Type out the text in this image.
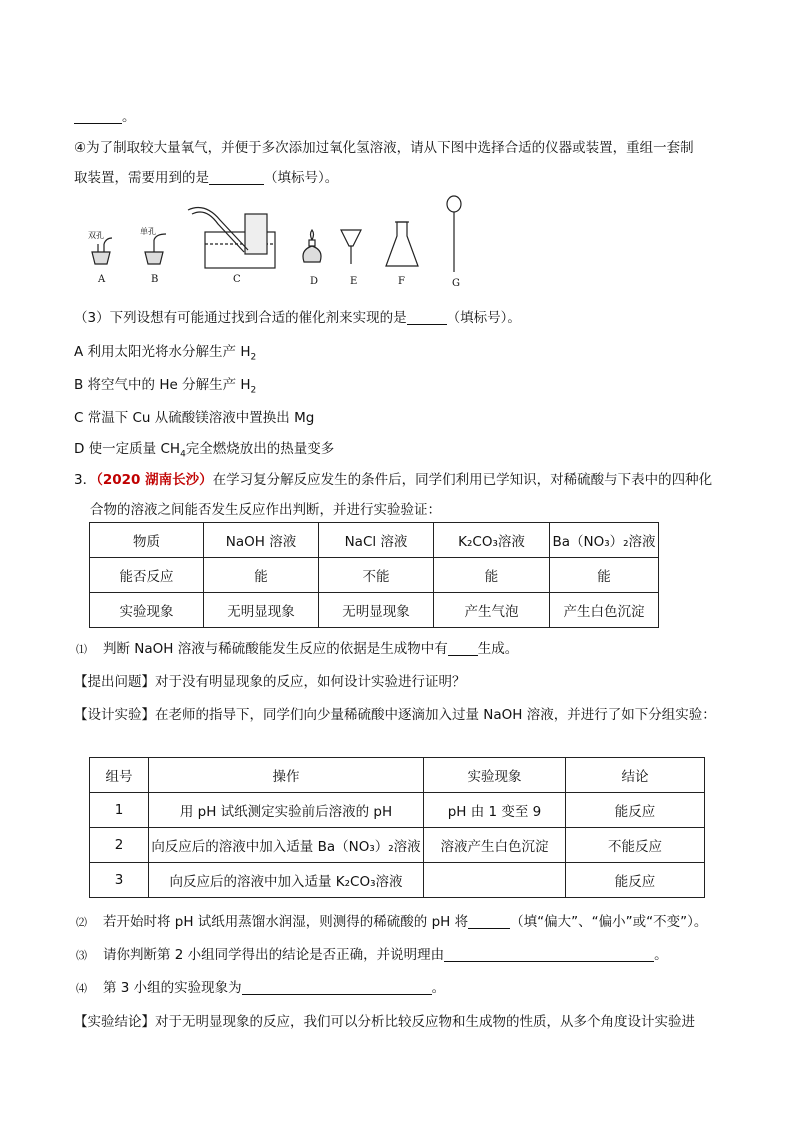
。
④为了制取较大量氧气，并便于多次添加过氧化氢溶液，请从下图中选择合适的仪器或装置，重组一套制
取装置，需要用到的是	（填标号）。
双孔	单孔
A	B	C	D	E	F	G
（3）下列设想有可能通过找到合适的催化剂来实现的是	（填标号）。
A 利用太阳光将水分解生产 $H_2$
B 将空气中的 He 分解生产 $H_2$
C 常温下 Cu 从硫酸镁溶液中置换出 Mg
D 使一定质量 $CH_4$完全燃烧放出的热量变多
3．（2020 湖南长沙）在学习复分解反应发生的条件后，同学们利用已学知识，对稀硫酸与下表中的四种化
合物的溶液之间能否发生反应作出判断，并进行实验验证：
物质	NaOH 溶液	NaCl 溶液	K₂CO₃溶液	Ba（NO₃）₂溶液
能否反应	能	不能	能	能
实验现象	无明显现象	无明显现象	产生气泡	产生白色沉淀
⑴ 判断 NaOH 溶液与稀硫酸能发生反应的依据是生成物中有 生成。
【提出问题】对于没有明显现象的反应，如何设计实验进行证明？
【设计实验】在老师的指导下，同学们向少量稀硫酸中逐滴加入过量 NaOH 溶液，并进行了如下分组实验：
组号	操作	实验现象	结论
1	用 pH 试纸测定实验前后溶液的 pH	pH 由 1 变至 9	能反应
2	向反应后的溶液中加入适量 Ba（NO₃）₂溶液	溶液产生白色沉淀	不能反应
3	向反应后的溶液中加入适量 K₂CO₃溶液		能反应
⑵ 若开始时将 pH 试纸用蒸馏水润湿，则测得的稀硫酸的 pH 将	（填“偏大”、“偏小”或“不变”）。
⑶ 请你判断第 2 小组同学得出的结论是否正确，并说明理由	。
⑷ 第 3 小组的实验现象为	。
【实验结论】对于无明显现象的反应，我们可以分析比较反应物和生成物的性质，从多个角度设计实验进
